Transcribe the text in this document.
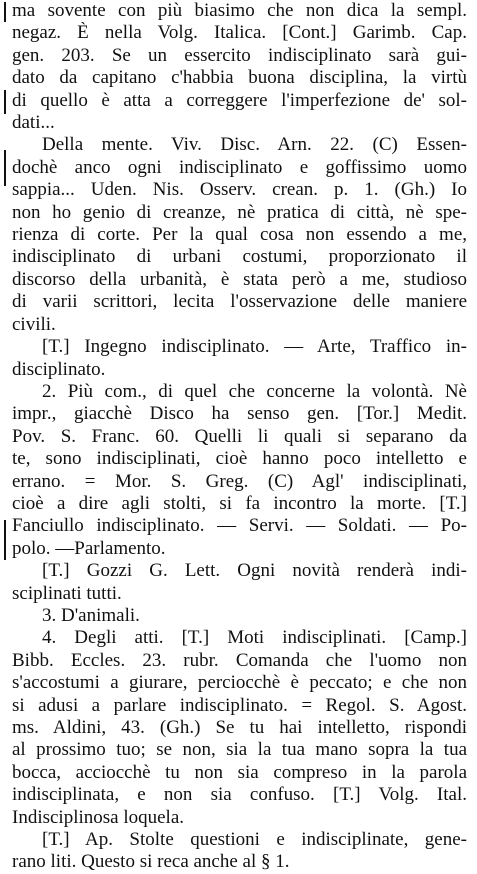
ma sovente con più biasimo che non dica la sempl.
negaz. È nella Volg. Italica. [Cont.] Garimb. Cap.
gen. 203. Se un essercito indisciplinato sarà gui-
dato da capitano c'habbia buona disciplina, la virtù
di quello è atta a correggere l'imperfezione de' sol-
dati...
Della mente. Viv. Disc. Arn. 22. (C) Essen-
dochè anco ogni indisciplinato e goffissimo uomo
sappia... Uden. Nis. Osserv. crean. p. 1. (Gh.) Io
non ho genio di creanze, nè pratica di città, nè spe-
rienza di corte. Per la qual cosa non essendo a me,
indisciplinato di urbani costumi, proporzionato il
discorso della urbanità, è stata però a me, studioso
di varii scrittori, lecita l'osservazione delle maniere
civili.
[T.] Ingegno indisciplinato. — Arte, Traffico in-
disciplinato.
2. Più com., di quel che concerne la volontà. Nè
impr., giacchè Disco ha senso gen. [Tor.] Medit.
Pov. S. Franc. 60. Quelli li quali si separano da
te, sono indisciplinati, cioè hanno poco intelletto e
errano. = Mor. S. Greg. (C) Agl' indisciplinati,
cioè a dire agli stolti, si fa incontro la morte. [T.]
Fanciullo indisciplinato. — Servi. — Soldati. — Po-
polo. —Parlamento.
[T.] Gozzi G. Lett. Ogni novità renderà indi-
sciplinati tutti.
3. D'animali.
4. Degli atti. [T.] Moti indisciplinati. [Camp.]
Bibb. Eccles. 23. rubr. Comanda che l'uomo non
s'accostumi a giurare, perciocchè è peccato; e che non
si adusi a parlare indisciplinato. = Regol. S. Agost.
ms. Aldini, 43. (Gh.) Se tu hai intelletto, rispondi
al prossimo tuo; se non, sia la tua mano sopra la tua
bocca, acciocchè tu non sia compreso in la parola
indisciplinata, e non sia confuso. [T.] Volg. Ital.
Indisciplinosa loquela.
[T.] Ap. Stolte questioni e indisciplinate, gene-
rano liti. Questo si reca anche al § 1.
